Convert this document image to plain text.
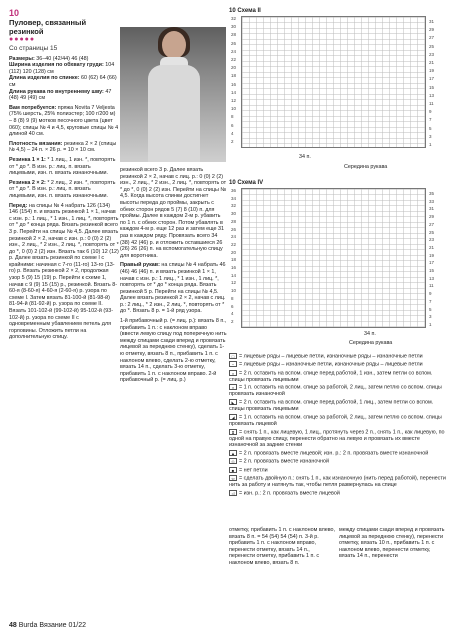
10
Пуловер, связанный резинкой
●●●●●
Со страницы 15
Размеры: 36–40 (42/44) 46 (48)
Ширина изделия по обхвату груди: 104 (112) 120 (128) см
Длина изделия по спинке: 60 (62) 64 (66) см
Длина рукава по внутреннему шву: 47 (48) 49 (49) см
Вам потребуется: пряжа Novita 7 Veljesta (75% шерсть, 25% полиэстер; 100 г/200 м) – 8 (8) 9 (9) мотков песочного цвета (цвет 060); спицы № 4 и 4,5, круговые спицы № 4 длиной 40 см.
Плотность вязания: резинка 2 × 2 (спицы № 4,5) – 24 п. × 26 р. = 10 × 10 см.
Резинка 1 × 1: * 1 лиц., 1 изн. *, повторять от * до *. В изн. р.: лиц. п. вязать лицевыми, изн. п. вязать изнаночными.
Резинка 2 × 2: * 2 лиц., 2 изн. *, повторять от * до *. В изн. р.: лиц. п. вязать лицевыми, изн. п. вязать изнаночными.
Перед: на спицы № 4 набрать 126 (134) 146 (154) п. и вязать резинкой 1 × 1, начав с изн. р.: 1 лиц., * 1 изн., 1 лиц. *, повторять от * до * конца ряда. Вязать резинкой всего 3 р. Перейти на спицы № 4,5. Далее вязать резинкой 2 × 2, начав с изн. р.: 0 (0) 2 (2) изн., 2 лиц., * 2 изн., 2 лиц. *, повторять от * до *, 0 (0) 2 (2) изн. Вязать так 6 (10) 12 (12) р. Далее вязать резинкой по схеме I с крайними: начиная с 7-го (11-го) 13-го (13-го) р. Вязать резинкой 2 × 2, продолжая узор 5 (9) 15 (19) р. Перейти к схеме 1, начав с 9 (9) 15 (15) р., резинкой. Вязать 8-60-я (8-60-я) 4-60-я (2-60-я) р. узора по схеме I. Затем вязать 81-100-й (81-98-й) 81-94-й (81-92-й) р. узора по схеме II. Вязать 101-102-й (99-102-й) 95-102-й (93-102-й) р. узора по схеме II с одновременным убавлением петель для горловины. Отложить петли на дополнительную спицу.
резинкой всего 3 р. Далее вязать резинкой 2 × 2, начав с лиц. р.: 0 (0) 2 (2) изн., 2 лиц., * 2 изн., 2 лиц. *, повторять от * до *, 0 (0) 2 (2) изн. Перейти на спицы № 4,5. Когда высота спинки достигнет высоты переда до проймы, закрыть с обеих сторон рядов 5 (7) 8 (10) п. для проймы. Далее в каждом 2-м р. убавить по 1 п. с обеих сторон. Потом убавлять в каждом 4-м р. еще 12 раз и затем еще 31 раз в каждом ряду. Провязать всего 34 (38) 42 (46) р. и отложить оставшиеся 26 (26) 26 (26) п. на вспомогательную спицу для воротника.
Правый рукав: на спицы № 4 набрать 46 (46) 46 (46) п. и вязать резинкой 1 × 1, начав с изн. р.: 1 лиц., * 1 изн., 1 лиц. *, повторять от * до * конца ряда. Вязать резинкой 5 р. Перейти на спицы № 4,5. Далее вязать резинкой 2 × 2, начав с лиц. р.: 2 лиц., * 2 изн., 2 лиц. *, повторять от * до *. Вязать 8 р. = 1-й ряд узора.
1-й прибавочный р. (= лиц. р.): вязать 8 п., прибавить 1 п.: с наклоном вправо (ввести левую спицу под поперечную нить между спицами сзади вперед и провязать лицевой за переднюю стенку), сделать 1-ю отметку, вязать 8 п., прибавить 1 п. с наклоном влево, сделать 2-ю отметку, вязать 14 п., сделать 3-ю отметку, прибавить 1 п. с наклоном вправо. 2-й прибавочный р. (= лиц. р.)
10 Схема II
32
30
28
26
24
22
20
18
16
14
12
10
8
6
4
2
31
29
27
25
23
21
19
17
15
13
11
9
7
5
3
1
34 п.
Середина рукава
10 Схема IV
36
34
32
30
28
26
24
22
20
18
16
14
12
10
8
6
4
2
35
33
31
29
27
25
23
21
19
17
15
13
11
9
7
5
3
1
34 п.
Середина рукава
□ = лицевые ряды – лицевые петли, изнаночные ряды – изнаночные петли
− = лицевые ряды – изнаночные петли, изнаночные ряды – лицевые петли
× = 2 п. оставить на вспом. спице перед работой, 1 изн., затем петли со вспом. спицы провязать лицевыми
× = 1 п. оставить на вспом. спице за работой, 2 лиц., затем петлю со вспом. спицы провязать изнаночной
◣ = 2 п. оставить на вспом. спице перед работой, 1 лиц., затем петли со вспом. спицы провязать лицевыми
◢ = 1 п. оставить на вспом. спице за работой, 2 лиц., затем петлю со вспом. спицы провязать лицевой
⧗ = снять 1 п., как лицевую, 1 лиц., протянуть через 2 п., снять 1 п., как лицевую, по одной на правую спицу, перенести обратно на левую и провязать их вместе изнаночной за задние стенки
▲ = 2 п. провязать вместе лицевой; изн. р.: 2 п. провязать вместе изнаночной
◇ = 2 п. провязать вместе изнаночной
■ = нет петли
⇦ = сделать двойную п.: снять 1 п., как изнаночную (нить перед работой), перенести нить за работу и натянуть так, чтобы петля развернулась на спице
◁ = изн. р.: 2 п. провязать вместе лицевой
отметку, прибавить 1 п. с наклоном влево, вязать 8 п. = 54 (54) 54 (54) п. 3-й р. прибавить 1 п. с наклоном вправо, перенести отметку, вязать 14 п., перенести отметку, прибавить 1 п. с наклоном влево, вязать 8 п.
между спицами сзади вперед и провязать лицевой за переднюю стенку), перенести отметку, вязать 10 п., прибавить 1 п. с наклоном влево, перенести отметку, вязать 14 п., перенести
48 Burda Вязание 01/22
